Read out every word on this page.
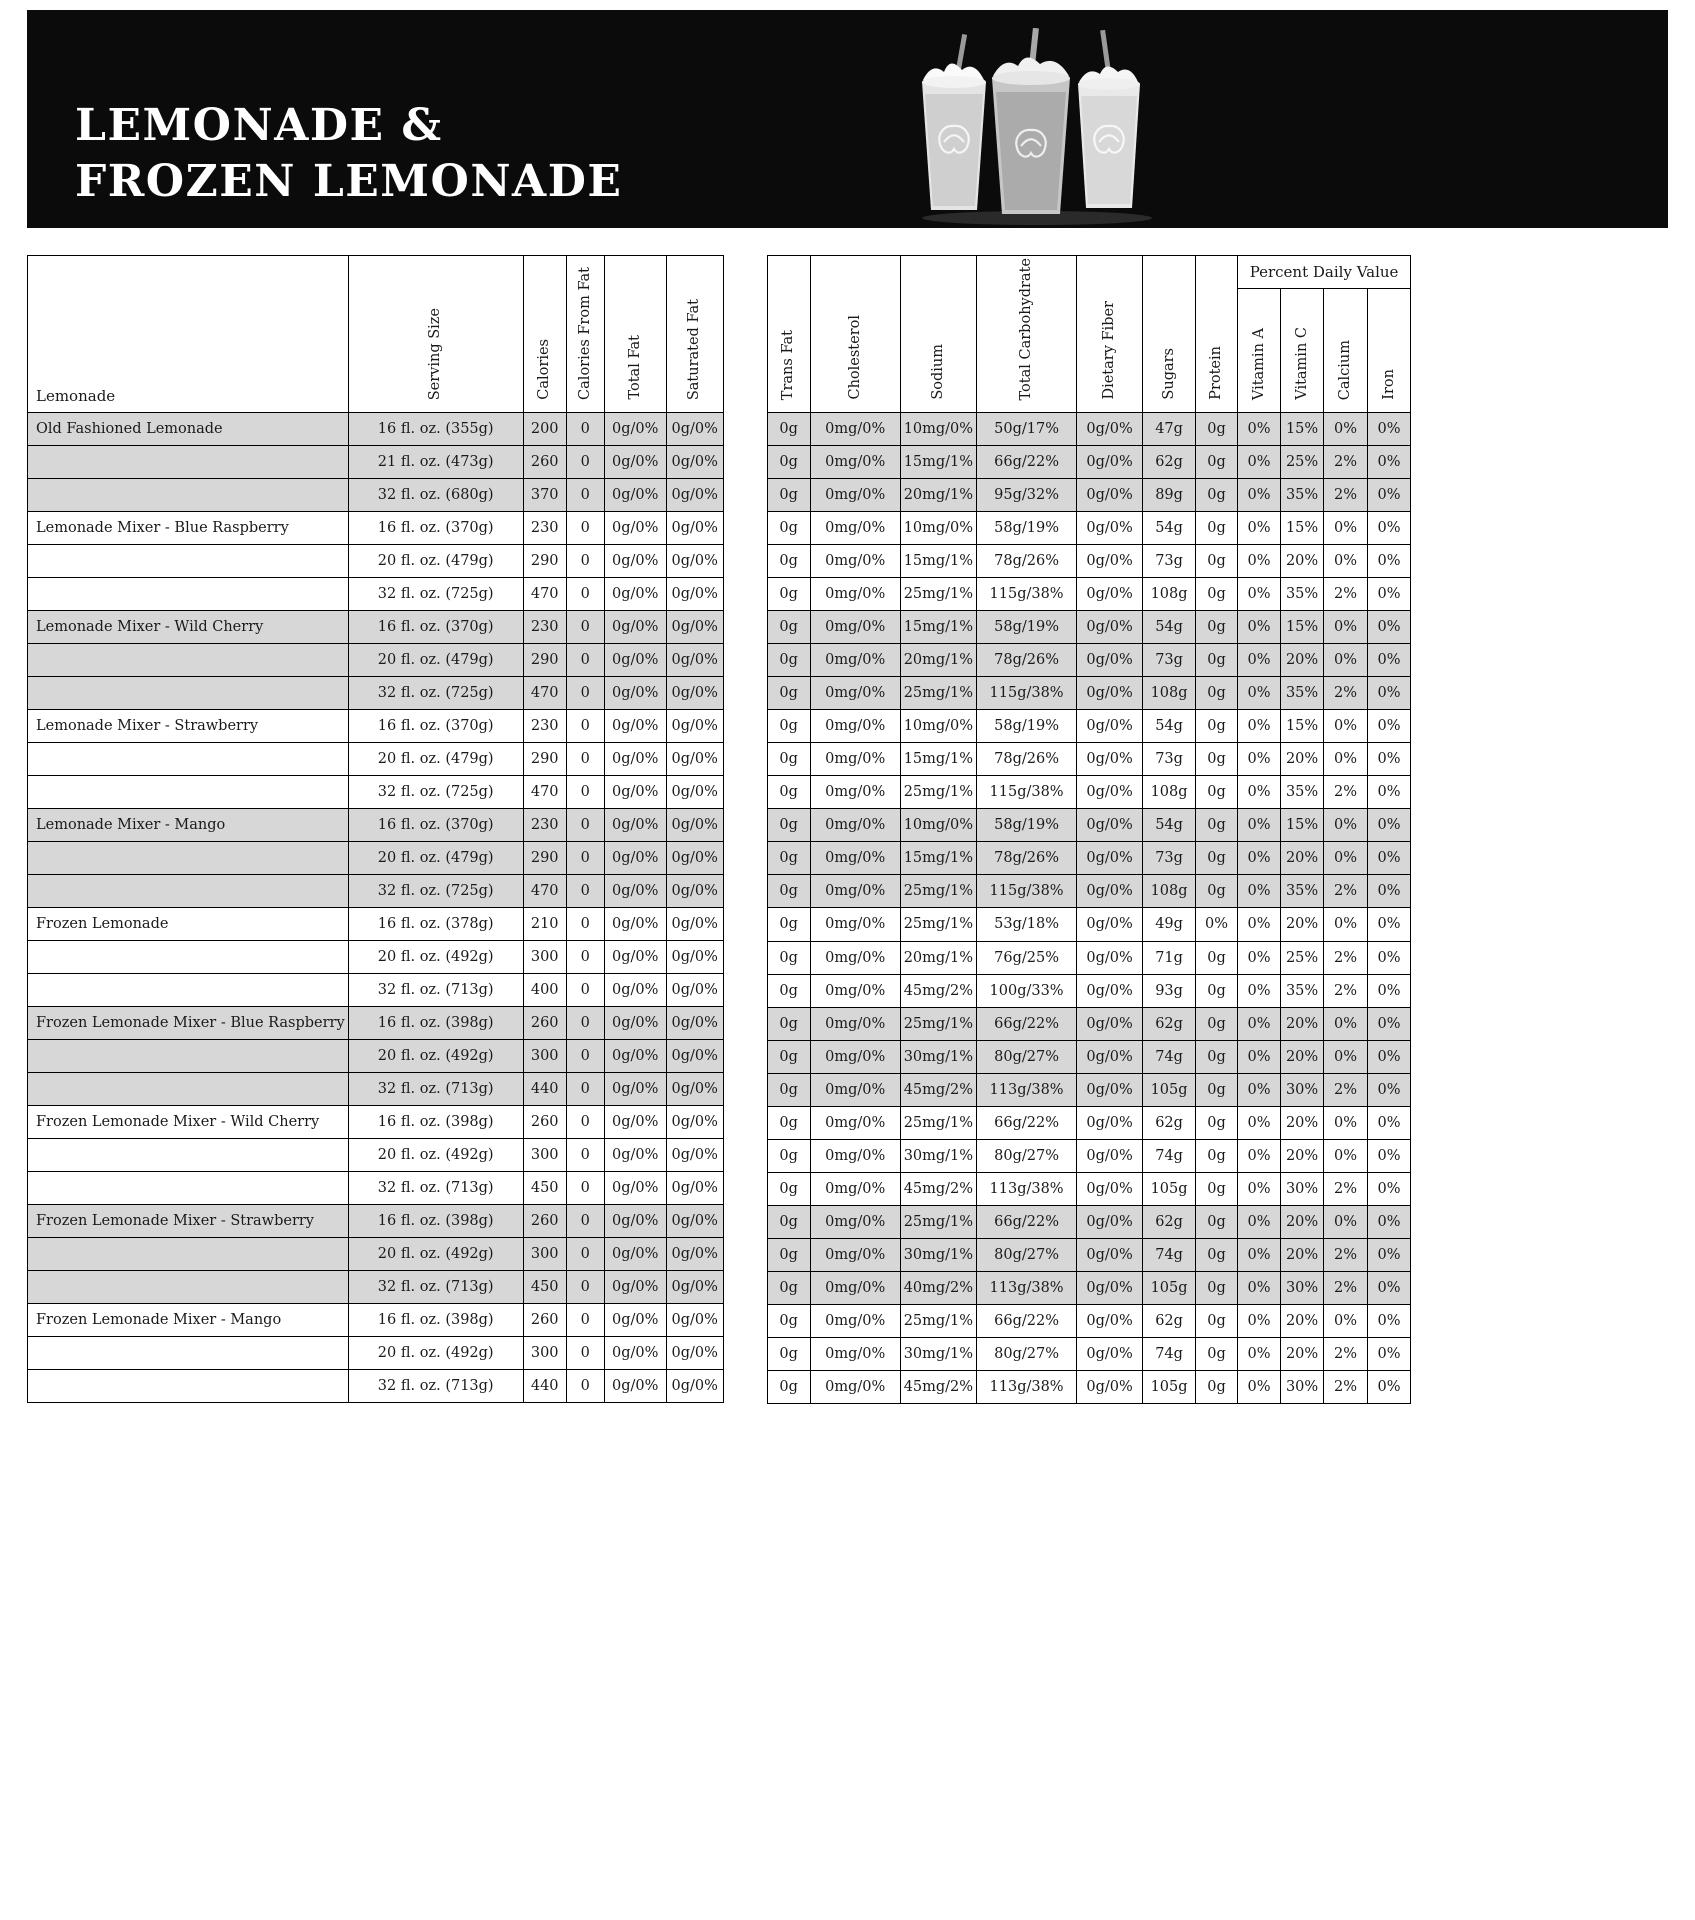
LEMONADE &
FROZEN LEMONADE
Lemonade	Serving Size	Calories	Calories From Fat	Total Fat	Saturated Fat
Old Fashioned Lemonade	16 fl. oz. (355g)	200	0	0g/0%	0g/0%
	21 fl. oz. (473g)	260	0	0g/0%	0g/0%
	32 fl. oz. (680g)	370	0	0g/0%	0g/0%
Lemonade Mixer - Blue Raspberry	16 fl. oz. (370g)	230	0	0g/0%	0g/0%
	20 fl. oz. (479g)	290	0	0g/0%	0g/0%
	32 fl. oz. (725g)	470	0	0g/0%	0g/0%
Lemonade Mixer - Wild Cherry	16 fl. oz. (370g)	230	0	0g/0%	0g/0%
	20 fl. oz. (479g)	290	0	0g/0%	0g/0%
	32 fl. oz. (725g)	470	0	0g/0%	0g/0%
Lemonade Mixer - Strawberry	16 fl. oz. (370g)	230	0	0g/0%	0g/0%
	20 fl. oz. (479g)	290	0	0g/0%	0g/0%
	32 fl. oz. (725g)	470	0	0g/0%	0g/0%
Lemonade Mixer - Mango	16 fl. oz. (370g)	230	0	0g/0%	0g/0%
	20 fl. oz. (479g)	290	0	0g/0%	0g/0%
	32 fl. oz. (725g)	470	0	0g/0%	0g/0%
Frozen Lemonade	16 fl. oz. (378g)	210	0	0g/0%	0g/0%
	20 fl. oz. (492g)	300	0	0g/0%	0g/0%
	32 fl. oz. (713g)	400	0	0g/0%	0g/0%
Frozen Lemonade Mixer - Blue Raspberry	16 fl. oz. (398g)	260	0	0g/0%	0g/0%
	20 fl. oz. (492g)	300	0	0g/0%	0g/0%
	32 fl. oz. (713g)	440	0	0g/0%	0g/0%
Frozen Lemonade Mixer - Wild Cherry	16 fl. oz. (398g)	260	0	0g/0%	0g/0%
	20 fl. oz. (492g)	300	0	0g/0%	0g/0%
	32 fl. oz. (713g)	450	0	0g/0%	0g/0%
Frozen Lemonade Mixer - Strawberry	16 fl. oz. (398g)	260	0	0g/0%	0g/0%
	20 fl. oz. (492g)	300	0	0g/0%	0g/0%
	32 fl. oz. (713g)	450	0	0g/0%	0g/0%
Frozen Lemonade Mixer - Mango	16 fl. oz. (398g)	260	0	0g/0%	0g/0%
	20 fl. oz. (492g)	300	0	0g/0%	0g/0%
	32 fl. oz. (713g)	440	0	0g/0%	0g/0%
Trans Fat	Cholesterol	Sodium	Total Carbohydrate	Dietary Fiber	Sugars	Protein	Percent Daily Value			
							Vitamin A	Vitamin C	Calcium	Iron
0g	0mg/0%	10mg/0%	50g/17%	0g/0%	47g	0g	0%	15%	0%	0%
0g	0mg/0%	15mg/1%	66g/22%	0g/0%	62g	0g	0%	25%	2%	0%
0g	0mg/0%	20mg/1%	95g/32%	0g/0%	89g	0g	0%	35%	2%	0%
0g	0mg/0%	10mg/0%	58g/19%	0g/0%	54g	0g	0%	15%	0%	0%
0g	0mg/0%	15mg/1%	78g/26%	0g/0%	73g	0g	0%	20%	0%	0%
0g	0mg/0%	25mg/1%	115g/38%	0g/0%	108g	0g	0%	35%	2%	0%
0g	0mg/0%	15mg/1%	58g/19%	0g/0%	54g	0g	0%	15%	0%	0%
0g	0mg/0%	20mg/1%	78g/26%	0g/0%	73g	0g	0%	20%	0%	0%
0g	0mg/0%	25mg/1%	115g/38%	0g/0%	108g	0g	0%	35%	2%	0%
0g	0mg/0%	10mg/0%	58g/19%	0g/0%	54g	0g	0%	15%	0%	0%
0g	0mg/0%	15mg/1%	78g/26%	0g/0%	73g	0g	0%	20%	0%	0%
0g	0mg/0%	25mg/1%	115g/38%	0g/0%	108g	0g	0%	35%	2%	0%
0g	0mg/0%	10mg/0%	58g/19%	0g/0%	54g	0g	0%	15%	0%	0%
0g	0mg/0%	15mg/1%	78g/26%	0g/0%	73g	0g	0%	20%	0%	0%
0g	0mg/0%	25mg/1%	115g/38%	0g/0%	108g	0g	0%	35%	2%	0%
0g	0mg/0%	25mg/1%	53g/18%	0g/0%	49g	0%	0%	20%	0%	0%
0g	0mg/0%	20mg/1%	76g/25%	0g/0%	71g	0g	0%	25%	2%	0%
0g	0mg/0%	45mg/2%	100g/33%	0g/0%	93g	0g	0%	35%	2%	0%
0g	0mg/0%	25mg/1%	66g/22%	0g/0%	62g	0g	0%	20%	0%	0%
0g	0mg/0%	30mg/1%	80g/27%	0g/0%	74g	0g	0%	20%	0%	0%
0g	0mg/0%	45mg/2%	113g/38%	0g/0%	105g	0g	0%	30%	2%	0%
0g	0mg/0%	25mg/1%	66g/22%	0g/0%	62g	0g	0%	20%	0%	0%
0g	0mg/0%	30mg/1%	80g/27%	0g/0%	74g	0g	0%	20%	0%	0%
0g	0mg/0%	45mg/2%	113g/38%	0g/0%	105g	0g	0%	30%	2%	0%
0g	0mg/0%	25mg/1%	66g/22%	0g/0%	62g	0g	0%	20%	0%	0%
0g	0mg/0%	30mg/1%	80g/27%	0g/0%	74g	0g	0%	20%	2%	0%
0g	0mg/0%	40mg/2%	113g/38%	0g/0%	105g	0g	0%	30%	2%	0%
0g	0mg/0%	25mg/1%	66g/22%	0g/0%	62g	0g	0%	20%	0%	0%
0g	0mg/0%	30mg/1%	80g/27%	0g/0%	74g	0g	0%	20%	2%	0%
0g	0mg/0%	45mg/2%	113g/38%	0g/0%	105g	0g	0%	30%	2%	0%
